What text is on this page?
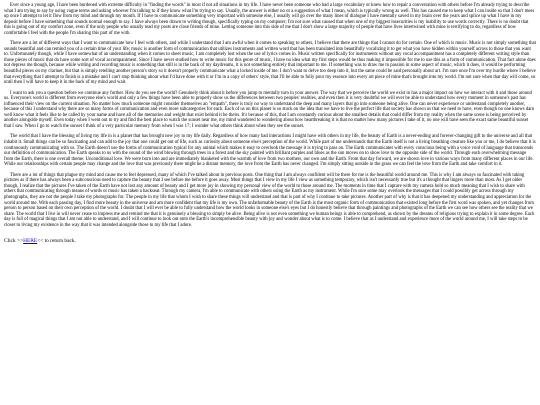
Ever since a young age, I have been burdened with extreme difficulty in "finding the words" in most if not all situations in my life. I have never been someone who had a large vocabulary or knew how to repair a conversation with others before I'm already trying to describe what I am trying to say by using vague terms and asking whoever I'm talking to if they know what I'm trying to say. Usually, the answer is either no or a suggestion of what I mean, which is typically wrong as well. This has caused me to keep what I can inside so that I don't mess up once I attempt to let it flow from my mind and through my mouth. If I have to communicate something very important with someone else, I usually will go over the many lines of dialogue I have mentally saved in my brain over the years and splice up what I have in my deposit before I have something that sounds normal enough to say. I have always been drawn to writing though, specifically typing on my computer; I'm not sure what caused that when one of my biggest insecurities is my inability to use words correctly. There is no doubt that this is going out of my comfort zone, even if the only people who usually read my posts are close friends of mine. Letting someone into this side of me that I don't show a large majority of people that have lives intertwined with mine is terrifying to do, regardless of how comfortable I feel with the people I'm sharing this part of me with.

There are a lot of different ways that I want to communicate how I feel with others, and while I understand that I am awful when it comes to speaking to others, I believe that there are things that I cannot do for certain. One of which is music. Music is not simply something that sounds beautiful and can remind you of a certain time of your life; music is another form of communication that utilizes instruments and written word that has been translated into beautifully vocalizing it to get what you have hidden within yourself across to those that you want to. Unfortunately though, while I have somewhat of an understanding when it comes to sheet music, I am completely lost when the use of lyrics comes in. Music written specifically for instruments without any vocal accompaniment has a completely different writing style than those pieces of music that do have some sort of vocal accompaniment. Since I have never studied how to write music for this genre of music, I have no idea what my first steps would be thus making it impossible for me to use this as a form of communication. That fact alone does not depress me though, because while writing and recording music is something that still is in the back of my daydreams, it is not something entirely that important to me. If something was to draw me to passion in some aspect of music, which it does, it would be performing beautiful pieces on my clarinet, but that is simply retelling another person's story so it doesn't properly communicate what a locked inside of me. I don't want to delve too deep into it, but the same could be said personally about art. I'm sure once I'm over my hurdle where I believe that everything that I attempt to finish is a mistake and I can't stop thinking about what I'd have done with it or I'm in a copy of others' style, that I'll be able to fully pour my essence into every art piece of mine that's brought into my world. I'm not sure when that day will come, so until then I will have to keep it in the back of my mind and wait.

I want to ask you a question before we continue any further. How do you see the world? Genuinely think about it before you jump to mentally turn in your answer. The way that we perceive the world we exist in has a major impact on how we interact with it and those around us. Everyone's world is different from everyone else's world and only a few things have been able to properly show us the differences between two peoples' realities, and even then it is very doubtful we will ever be able to understand how every moment in someone's past has influenced their view on the current situation. No matter how much someone might consider themselves an "empath", there is truly no way to understand the deep and many layers that go into someone being alive. One can never experience or understand completely another, because of this I understand why there are so many forms of communication and even more subcategories for each. Each of us on this planet is so stuck on the idea that we have to live the perfect life that society has shown us that we need to have, even though no one knows darn well know what it feels like to be called by your name and have all of the memories and weight that exist behind it be theirs. It's because of this, that I am constantly curious about the smallest details that could differ from my reality when the same scene is being perceived by another alongside myself. Even today when I went out to try and find the best place to watch the sunset near me, my mind wandered to wondering about how heartbreaking it is that no matter how many pictures I take of it, no one will have seen the exact same beautiful sunset that I saw. When I go to watch the sunset I think of a very particular memory from when I was 17; I wonder what others think about when they see the sunset.

The world that I have the blessing of living my life in is a planet that has brought new joy to my life daily. Regardless of how many bad interactions I might have with others in my life, the beauty of Earth is a never-ending and forever-changing gift to the universe and all that inhabit it. Small things can be so fascinating and can add to the joy that one could get out of life, such as curiosity about someone else's perception of the world. While part of me understands that the Earth itself is not a living breathing creature like you or me, I do believe that it is continuously communicating with us. The Earth doesn't use the forms of communication typical for any animal which makes it easy to overlook the message it is trying to pass on. The Earth communicates with every conscious being with a voice void of language that transcends our definition of communication. The Earth speaks to us with the sound of the wind blowing through trees in a forest and the sky painted with brilliant purples and blues as the sun moves on to show love to the opposite side of the world. Through each overwhelming message from the Earth, there is one overall theme: Unconditional love. We were born into and are immediately blanketed with the warmth of love from two mothers, our own and the Earth. From that day forward, we are shown love in various ways from many different places in our life. While our relationships with certain people may change and the love that was previously there might be a distant memory, the love from the Earth has never changed. I'm simply sitting outside in the grass we can feel the love from the Earth and take comfort in it.

There are a lot of things that plague my mind and cause me to feel depressed, many of which I've talked about in previous posts. One thing that I am always confident will be there for me is the beautiful world around me. This is why I am always so fascinated with taking pictures as if there has always been a subconscious need to capture the beauty that I see before me before it goes away. Most things that I view in my life I view as something temporary, which isn't necessarily true but it's a thought that lingers more than most. As I get older though, I realize that the pictures I've taken of the Earth have not lost any amount of beauty and I get more joy in showing my personal view of the world to those around me. The moments in time that I capture with my camera hold so much meaning that I wish to share with others that communicating through means of words or music has taken a backseat. Through my camera, I'm able to communicate with others using the Earth as my instrument. While I'm sure some may overlook the messages that I could possibly get across through my photographs, they are not the people I take my photographs for. The people in my life that whom I wish to share these things will understand and that is part of why I continue to take pictures. Another part of why is that it has deepened my understanding and appreciation for the world around me. With each passing day, I find more beauty in the universe and am more confident that my life is my own. The unfathomable beauty of the Earth is the most organic form of communication that existed long before the first word was spoken, and yet changes from person to person based on their own perception of the world. I doubt that I will ever be able to fully understand how the world looks in someone else's eyes but I do honestly believe that through paintings and photographs of the Earth we can see how others see the reality that we share. The world that I live in will never cease to impress me and remind me that it is genuinely a blessing to simply be alive. Being alive is not even something we human beings is able to comprehend, as shown by the dreams of religious trying to explain it in some degree. Each day is full of magical things that I am not able to understand, and I will continue to look out onto the Earth's incomprehensible beauty with joy and wonder about what is to come. I believe that as I understand and experience more of the world around me, I will take steps to be closer to living my existence in the way that it was intended alongside those in my life that I adore.

Click >>HERE<< to return back.
